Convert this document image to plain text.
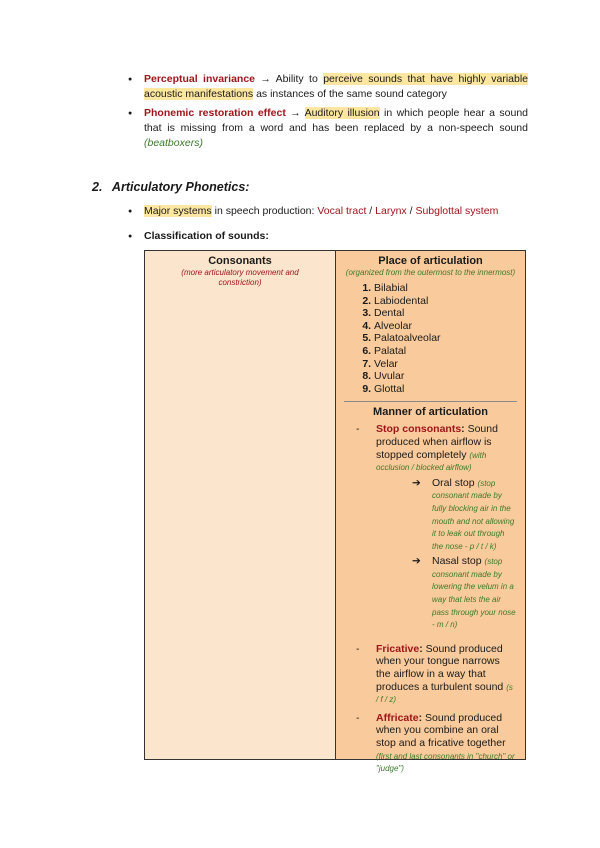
● Perceptual invariance → Ability to perceive sounds that have highly variable acoustic manifestations as instances of the same sound category
● Phonemic restoration effect → Auditory illusion in which people hear a sound that is missing from a word and has been replaced by a non-speech sound (beatboxers)
2. Articulatory Phonetics:
● Major systems in speech production: Vocal tract / Larynx / Subglottal system
● Classification of sounds:
Consonants
(more articulatory movement and constriction)
Place of articulation
(organized from the outermost to the innermost)
1. Bilabial
2. Labiodental
3. Dental
4. Alveolar
5. Palatoalveolar
6. Palatal
7. Velar
8. Uvular
9. Glottal
Manner of articulation
- Stop consonants: Sound produced when airflow is stopped completely (with occlusion / blocked airflow)
➔ Oral stop (stop consonant made by fully blocking air in the mouth and not allowing it to leak out through the nose - p / t / k)
➔ Nasal stop (stop consonant made by lowering the velum in a way that lets the air pass through your nose - m / n)
- Fricative: Sound produced when your tongue narrows the airflow in a way that produces a turbulent sound (s / f / z)
- Affricate: Sound produced when you combine an oral stop and a fricative together (first and last consonants in "church" or "judge")
